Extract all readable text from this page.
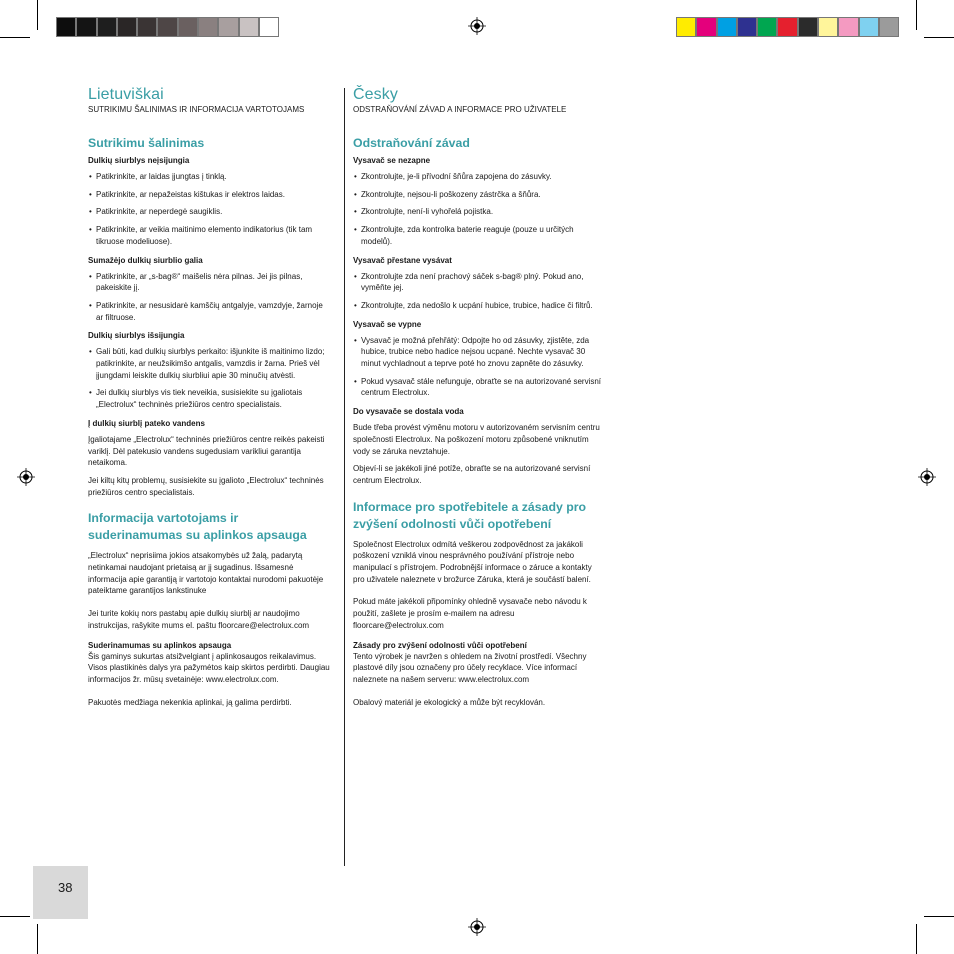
Lietuviškai
SUTRIKIMU ŠALINIMAS IR INFORMACIJA VARTOTOJAMS
Sutrikimu šalinimas
Dulkių siurblys neįsijungia
• Patikrinkite, ar laidas įjungtas į tinklą.
• Patikrinkite, ar nepažeistas kištukas ir elektros laidas.
• Patikrinkite, ar neperdegė saugiklis.
• Patikrinkite, ar veikia maitinimo elemento indikatorius (tik tam tikruose modeliuose).
Sumažėjo dulkių siurblio galia
• Patikrinkite, ar „s-bag®“ maišelis nėra pilnas. Jei jis pilnas, pakeiskite jį.
• Patikrinkite, ar nesusidarė kamščių antgalyje, vamzdyje, žarnoje ar filtruose.
Dulkių siurblys išsijungia
• Gali būti, kad dulkių siurblys perkaito: išjunkite iš maitinimo lizdo; patikrinkite, ar neužsikimšo antgalis, vamzdis ir žarna. Prieš vėl įjungdami leiskite dulkių siurbliui apie 30 minučių atvėsti.
• Jei dulkių siurblys vis tiek neveikia, susisiekite su įgaliotais „Electrolux“ techninės priežiūros centro specialistais.
Į dulkių siurblį pateko vandens

Įgaliotajame „Electrolux“ techninės priežiūros centre reikės pakeisti variklį. Dėl patekusio vandens sugedusiam varikliui garantija netaikoma.

Jei kiltų kitų problemų, susisiekite su įgalioto „Electrolux“ techninės priežiūros centro specialistais.

Informacija vartotojams ir suderinamumas su aplinkos apsauga

„Electrolux“ neprisiima jokios atsakomybės už žalą, padarytą netinkamai naudojant prietaisą ar jį sugadinus. Išsamesnė informacija apie garantiją ir vartotojo kontaktai nurodomi pakuotėje pateiktame garantijos lankstinuke

Jei turite kokių nors pastabų apie dulkių siurblį ar naudojimo instrukcijas, rašykite mums el. paštu floorcare@electrolux.com

Suderinamumas su aplinkos apsauga

Šis gaminys sukurtas atsižvelgiant į aplinkosaugos reikalavimus. Visos plastikinės dalys yra pažymėtos kaip skirtos perdirbti. Daugiau informacijos žr. mūsų svetainėje: www.electrolux.com.

Pakuotės medžiaga nekenkia aplinkai, ją galima perdirbti.

Česky
ODSTRAŇOVÁNÍ ZÁVAD A INFORMACE PRO UŽIVATELE
Odstraňování závad
Vysavač se nezapne
• Zkontrolujte, je-li přívodní šňůra zapojena do zásuvky.
• Zkontrolujte, nejsou-li poškozeny zástrčka a šňůra.
• Zkontrolujte, není-li vyhořelá pojistka.
• Zkontrolujte, zda kontrolka baterie reaguje (pouze u určitých modelů).
Vysavač přestane vysávat
• Zkontrolujte zda není prachový sáček s-bag® plný. Pokud ano, vyměňte jej.
• Zkontrolujte, zda nedošlo k ucpání hubice, trubice, hadice či filtrů.
Vysavač se vypne
• Vysavač je možná přehřátý: Odpojte ho od zásuvky, zjistěte, zda hubice, trubice nebo hadice nejsou ucpané. Nechte vysavač 30 minut vychladnout a teprve poté ho znovu zapněte do zásuvky.
• Pokud vysavač stále nefunguje, obraťte se na autorizované servisní centrum Electrolux.
Do vysavače se dostala voda

Bude třeba provést výměnu motoru v autorizovaném servisním centru společnosti Electrolux. Na poškození motoru způsobené vniknutím vody se záruka nevztahuje.

Objeví-li se jakékoli jiné potíže, obraťte se na autorizované servisní centrum Electrolux.

Informace pro spotřebitele a zásady pro zvýšení odolnosti vůči opotřebení

Společnost Electrolux odmítá veškerou zodpovědnost za jakákoli poškození vzniklá vinou nesprávného používání přístroje nebo manipulací s přístrojem. Podrobnější informace o záruce a kontakty pro uživatele naleznete v brožurce Záruka, která je součástí balení.

Pokud máte jakékoli připomínky ohledně vysavače nebo návodu k použití, zašlete je prosím e-mailem na adresu floorcare@electrolux.com

Zásady pro zvýšení odolnosti vůči opotřebení

Tento výrobek je navržen s ohledem na životní prostředí. Všechny plastové díly jsou označeny pro účely recyklace. Více informací naleznete na našem serveru: www.electrolux.com

Obalový materiál je ekologický a může být recyklován.

38
